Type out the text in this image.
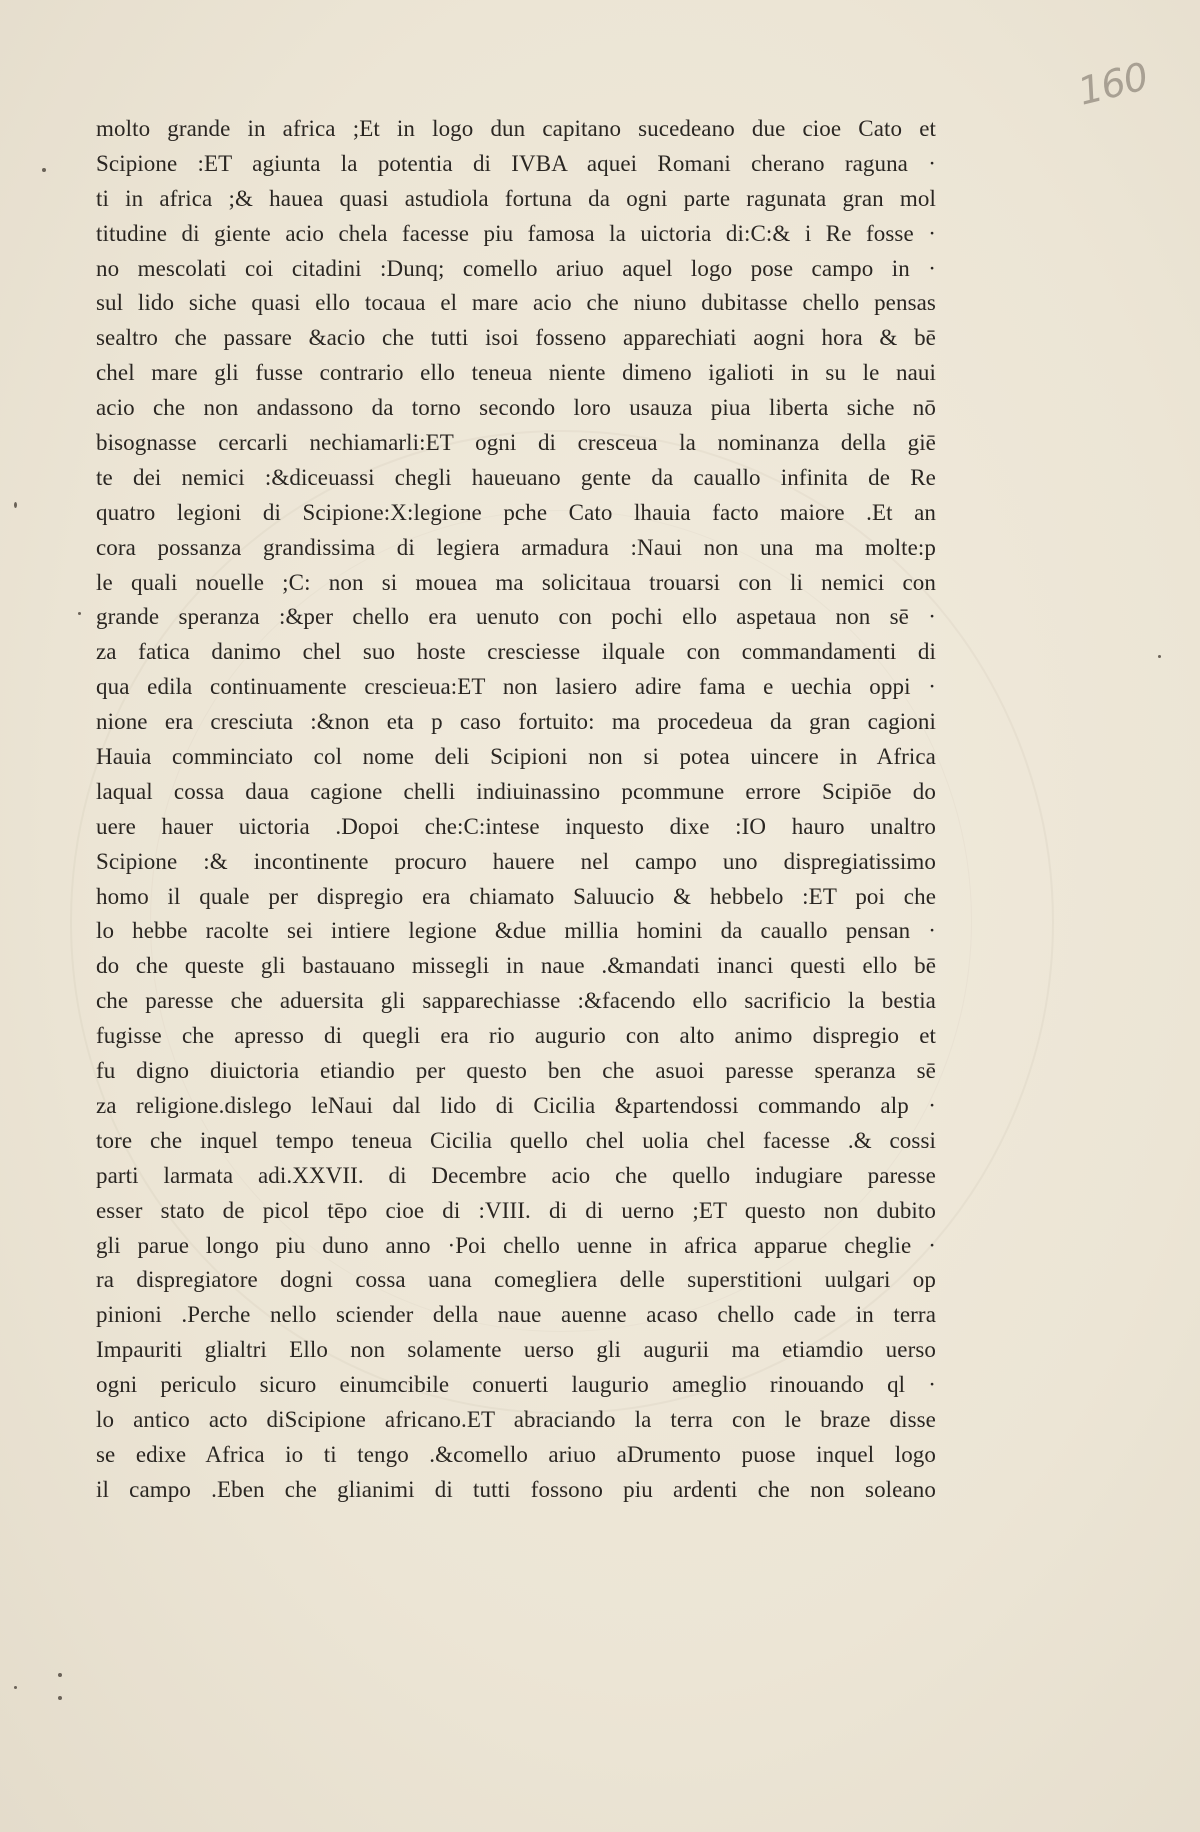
160
molto grande in africa ;Et in logo dun capitano sucedeano due cioe Cato et
Scipione :ET agiunta la potentia di IVBA aquei Romani cherano raguna ·
ti in africa ;& hauea quasi astudiola fortuna da ogni parte ragunata gran mol
titudine di giente acio chela facesse piu famosa la uictoria di:C:& i Re fosse ·
no mescolati coi citadini :Dunq; comello ariuo aquel logo pose campo in ·
sul lido siche quasi ello tocaua el mare acio che niuno dubitasse chello pensas
sealtro che passare &acio che tutti isoi fosseno apparechiati aogni hora & bē
chel mare gli fusse contrario ello teneua niente dimeno igalioti in su le naui
acio che non andassono da torno secondo loro usauza piua liberta siche nō
bisognasse cercarli nechiamarli:ET ogni di cresceua la nominanza della giē
te dei nemici :&diceuassi chegli haueuano gente da cauallo infinita de Re
quatro legioni di Scipione:X:legione pche Cato lhauia facto maiore .Et an
cora possanza grandissima di legiera armadura :Naui non una ma molte:p
le quali nouelle ;C: non si mouea ma solicitaua trouarsi con li nemici con
grande speranza :&per chello era uenuto con pochi ello aspetaua non sē ·
za fatica danimo chel suo hoste cresciesse ilquale con commandamenti di
qua edila continuamente crescieua:ET non lasiero adire fama e uechia oppi ·
nione era cresciuta :&non eta p caso fortuito: ma procedeua da gran cagioni
Hauia comminciato col nome deli Scipioni non si potea uincere in Africa
laqual cossa daua cagione chelli indiuinassino pcommune errore Scipiōe do
uere hauer uictoria .Dopoi che:C:intese inquesto dixe :IO hauro unaltro
Scipione :& incontinente procuro hauere nel campo uno dispregiatissimo
homo il quale per dispregio era chiamato Saluucio & hebbelo :ET poi che
lo hebbe racolte sei intiere legione &due millia homini da cauallo pensan ·
do che queste gli bastauano missegli in naue .&mandati inanci questi ello bē
che paresse che aduersita gli sapparechiasse :&facendo ello sacrificio la bestia
fugisse che apresso di quegli era rio augurio con alto animo dispregio et
fu digno diuictoria etiandio per questo ben che asuoi paresse speranza sē
za religione.dislego leNaui dal lido di Cicilia &partendossi commando alp ·
tore che inquel tempo teneua Cicilia quello chel uolia chel facesse .& cossi
parti larmata adi.XXVII. di Decembre acio che quello indugiare paresse
esser stato de picol tēpo cioe di :VIII. di di uerno ;ET questo non dubito
gli parue longo piu duno anno ·Poi chello uenne in africa apparue cheglie ·
ra dispregiatore dogni cossa uana comegliera delle superstitioni uulgari op
pinioni .Perche nello sciender della naue auenne acaso chello cade in terra
Impauriti glialtri Ello non solamente uerso gli augurii ma etiamdio uerso
ogni periculo sicuro einumcibile conuerti laugurio ameglio rinouando ql ·
lo antico acto diScipione africano.ET abraciando la terra con le braze disse
se edixe Africa io ti tengo .&comello ariuo aDrumento puose inquel logo
il campo .Eben che glianimi di tutti fossono piu ardenti che non soleano
